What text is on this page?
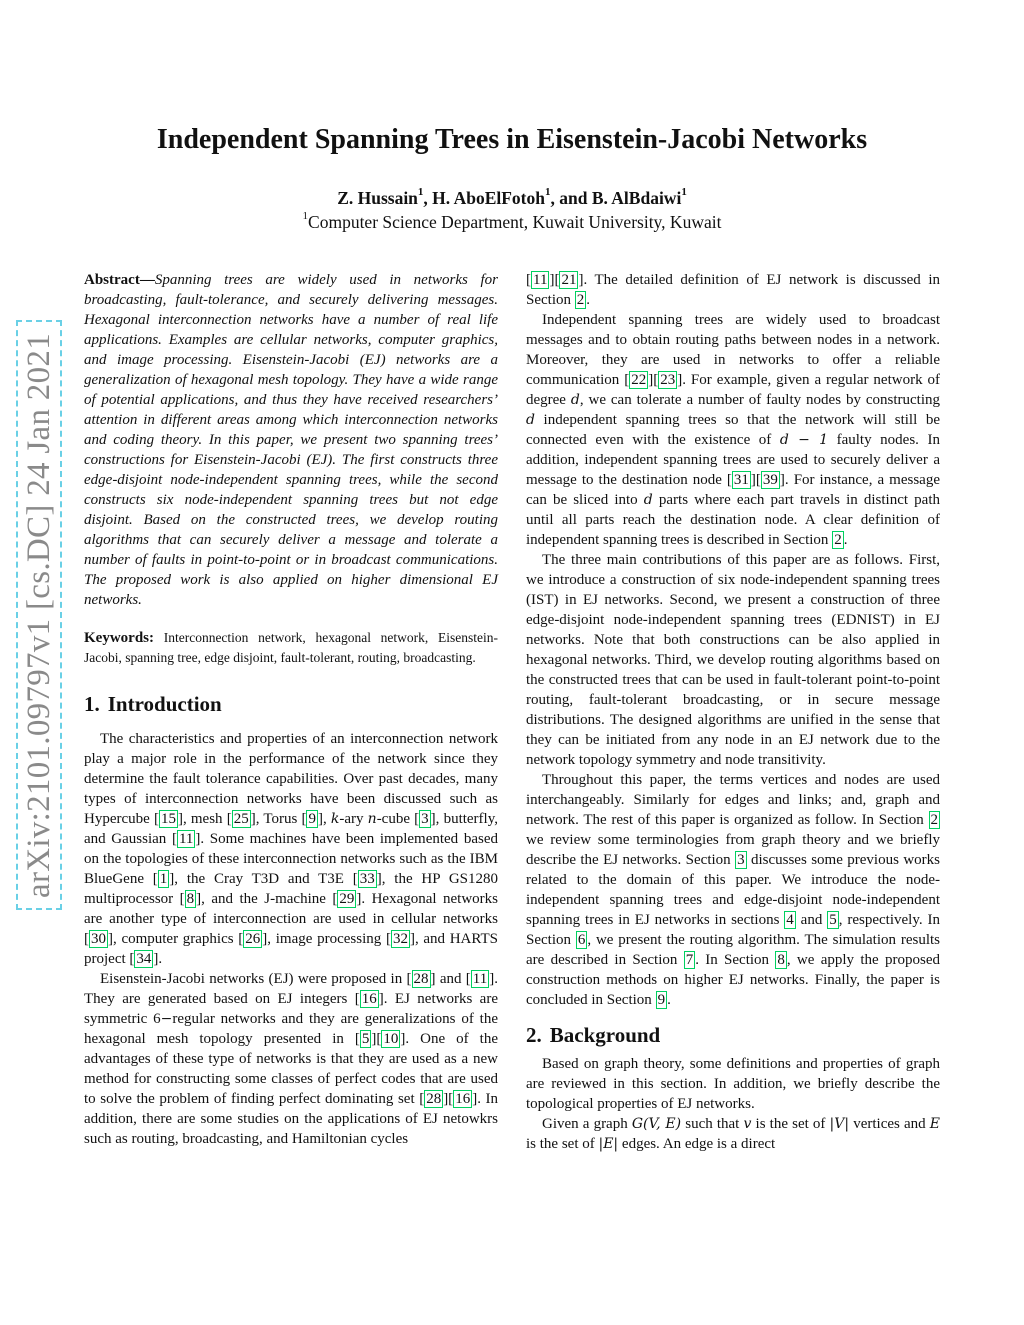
arXiv:2101.09797v1 [cs.DC] 24 Jan 2021
Independent Spanning Trees in Eisenstein-Jacobi Networks
Z. Hussain$^1$, H. AboElFotoh$^1$, and B. AlBdaiwi$^1$
$^1$Computer Science Department, Kuwait University, Kuwait

Abstract—Spanning trees are widely used in networks for broadcasting, fault-tolerance, and securely delivering messages. Hexagonal interconnection networks have a number of real life applications. Examples are cellular networks, computer graphics, and image processing. Eisenstein-Jacobi (EJ) networks are a generalization of hexagonal mesh topology. They have a wide range of potential applications, and thus they have received researchers’ attention in different areas among which interconnection networks and coding theory. In this paper, we present two spanning trees’ constructions for Eisenstein-Jacobi (EJ). The first constructs three edge-disjoint node-independent spanning trees, while the second constructs six node-independent spanning trees but not edge disjoint. Based on the constructed trees, we develop routing algorithms that can securely deliver a message and tolerate a number of faults in point-to-point or in broadcast communications. The proposed work is also applied on higher dimensional EJ networks.

Keywords: Interconnection network, hexagonal network, Eisenstein-Jacobi, spanning tree, edge disjoint, fault-tolerant, routing, broadcasting.

1. Introduction

The characteristics and properties of an interconnection network play a major role in the performance of the network since they determine the fault tolerance capabilities. Over past decades, many types of interconnection networks have been discussed such as Hypercube [ 15 ], mesh [ 25 ], Torus [ 9 ], k-ary n-cube [ 3 ], butterfly, and Gaussian [ 11 ]. Some machines have been implemented based on the topologies of these interconnection networks such as the IBM BlueGene [ 1 ], the Cray T3D and T3E [ 33 ], the HP GS1280 multiprocessor [ 8 ], and the J-machine [ 29 ]. Hexagonal networks are another type of interconnection are used in cellular networks [ 30 ], computer graphics [ 26 ], image processing [ 32 ], and HARTS project [ 34 ].

Eisenstein-Jacobi networks (EJ) were proposed in [ 28 ] and [ 11 ]. They are generated based on EJ integers [ 16 ]. EJ networks are symmetric 6−regular networks and they are generalizations of the hexagonal mesh topology presented in [ 5 ][ 10 ]. One of the advantages of these type of networks is that they are used as a new method for constructing some classes of perfect codes that are used to solve the problem of finding perfect dominating set [ 28 ][ 16 ]. In addition, there are some studies on the applications of EJ netowkrs such as routing, broadcasting, and Hamiltonian cycles

[ 11 ][ 21 ]. The detailed definition of EJ network is discussed in Section 2 .

Independent spanning trees are widely used to broadcast messages and to obtain routing paths between nodes in a network. Moreover, they are used in networks to offer a reliable communication [ 22 ][ 23 ]. For example, given a regular network of degree d, we can tolerate a number of faulty nodes by constructing d independent spanning trees so that the network will still be connected even with the existence of d − 1 faulty nodes. In addition, independent spanning trees are used to securely deliver a message to the destination node [ 31 ][ 39 ]. For instance, a message can be sliced into d parts where each part travels in distinct path until all parts reach the destination node. A clear definition of independent spanning trees is described in Section 2 .

The three main contributions of this paper are as follows. First, we introduce a construction of six node-independent spanning trees (IST) in EJ networks. Second, we present a construction of three edge-disjoint node-independent spanning trees (EDNIST) in EJ networks. Note that both constructions can be also applied in hexagonal networks. Third, we develop routing algorithms based on the constructed trees that can be used in fault-tolerant point-to-point routing, fault-tolerant broadcasting, or in secure message distributions. The designed algorithms are unified in the sense that they can be initiated from any node in an EJ network due to the network topology symmetry and node transitivity.

Throughout this paper, the terms vertices and nodes are used interchangeably. Similarly for edges and links; and, graph and network. The rest of this paper is organized as follow. In Section 2 we review some terminologies from graph theory and we briefly describe the EJ networks. Section 3 discusses some previous works related to the domain of this paper. We introduce the node-independent spanning trees and edge-disjoint node-independent spanning trees in EJ networks in sections 4 and 5 , respectively. In Section 6 , we present the routing algorithm. The simulation results are described in Section 7 . In Section 8 , we apply the proposed construction methods on higher EJ networks. Finally, the paper is concluded in Section 9 .

2. Background

Based on graph theory, some definitions and properties of graph are reviewed in this section. In addition, we briefly describe the topological properties of EJ networks.

Given a graph G(V, E) such that v is the set of |V| vertices and E is the set of |E| edges. An edge is a direct
